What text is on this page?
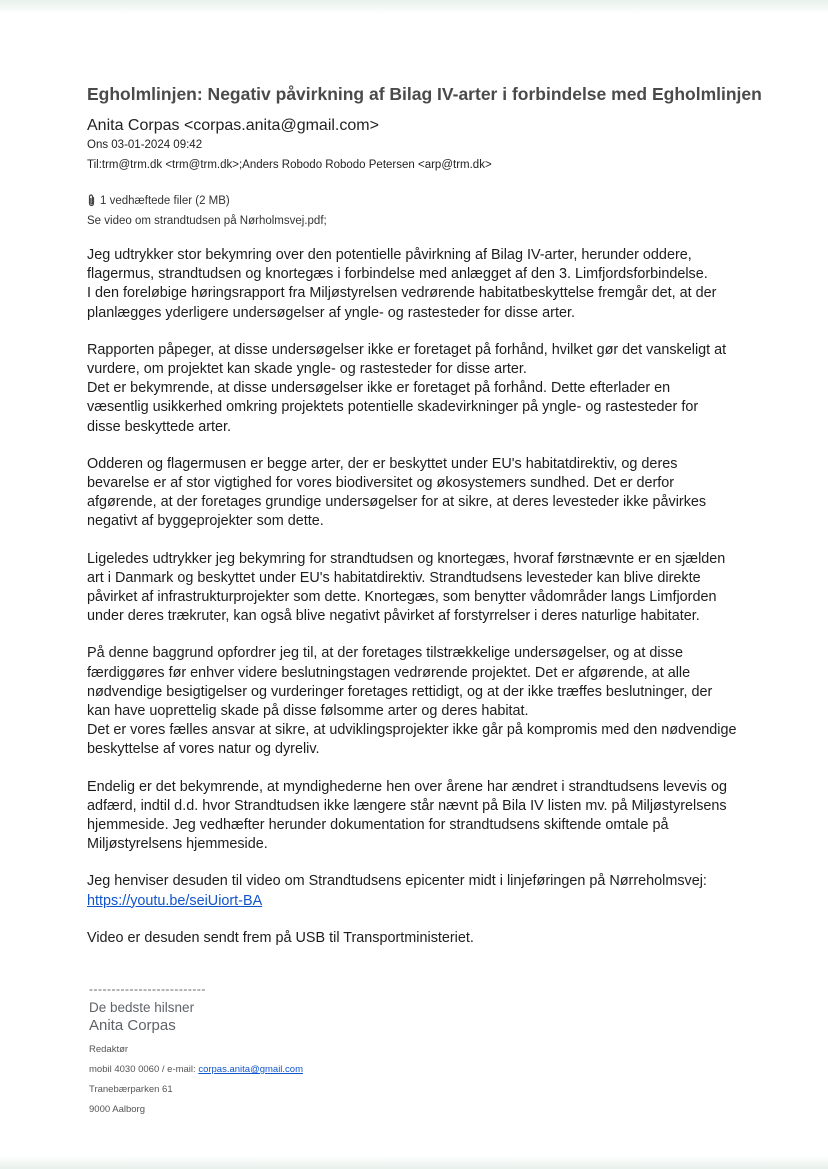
Egholmlinjen: Negativ påvirkning af Bilag IV-arter i forbindelse med Egholmlinjen
Anita Corpas <corpas.anita@gmail.com>
Ons 03-01-2024 09:42
Til:trm@trm.dk <trm@trm.dk>;Anders Robodo Robodo Petersen <arp@trm.dk>
1 vedhæftede filer (2 MB)
Se video om strandtudsen på Nørholmsvej.pdf;

Jeg udtrykker stor bekymring over den potentielle påvirkning af Bilag IV-arter, herunder oddere,
flagermus, strandtudsen og knortegæs i forbindelse med anlægget af den 3. Limfjordsforbindelse.
I den foreløbige høringsrapport fra Miljøstyrelsen vedrørende habitatbeskyttelse fremgår det, at der
planlægges yderligere undersøgelser af yngle- og rastesteder for disse arter.

Rapporten påpeger, at disse undersøgelser ikke er foretaget på forhånd, hvilket gør det vanskeligt at
vurdere, om projektet kan skade yngle- og rastesteder for disse arter.
Det er bekymrende, at disse undersøgelser ikke er foretaget på forhånd. Dette efterlader en
væsentlig usikkerhed omkring projektets potentielle skadevirkninger på yngle- og rastesteder for
disse beskyttede arter.

Odderen og flagermusen er begge arter, der er beskyttet under EU's habitatdirektiv, og deres
bevarelse er af stor vigtighed for vores biodiversitet og økosystemers sundhed. Det er derfor
afgørende, at der foretages grundige undersøgelser for at sikre, at deres levesteder ikke påvirkes
negativt af byggeprojekter som dette.

Ligeledes udtrykker jeg bekymring for strandtudsen og knortegæs, hvoraf førstnævnte er en sjælden
art i Danmark og beskyttet under EU's habitatdirektiv. Strandtudsens levesteder kan blive direkte
påvirket af infrastrukturprojekter som dette. Knortegæs, som benytter vådområder langs Limfjorden
under deres trækruter, kan også blive negativt påvirket af forstyrrelser i deres naturlige habitater.

På denne baggrund opfordrer jeg til, at der foretages tilstrækkelige undersøgelser, og at disse
færdiggøres før enhver videre beslutningstagen vedrørende projektet. Det er afgørende, at alle
nødvendige besigtigelser og vurderinger foretages rettidigt, og at der ikke træffes beslutninger, der
kan have uoprettelig skade på disse følsomme arter og deres habitat.
Det er vores fælles ansvar at sikre, at udviklingsprojekter ikke går på kompromis med den nødvendige
beskyttelse af vores natur og dyreliv.

Endelig er det bekymrende, at myndighederne hen over årene har ændret i strandtudsens levevis og
adfærd, indtil d.d. hvor Strandtudsen ikke længere står nævnt på Bila IV listen mv. på Miljøstyrelsens
hjemmeside. Jeg vedhæfter herunder dokumentation for strandtudsens skiftende omtale på
Miljøstyrelsens hjemmeside.

Jeg henviser desuden til video om Strandtudsens epicenter midt i linjeføringen på Nørreholmsvej:
https://youtu.be/seiUiort-BA

Video er desuden sendt frem på USB til Transportministeriet.

--------------------------
De bedste hilsner
Anita Corpas
Redaktør
mobil 4030 0060 / e-mail: corpas.anita@gmail.com
Tranebærparken 61
9000 Aalborg
